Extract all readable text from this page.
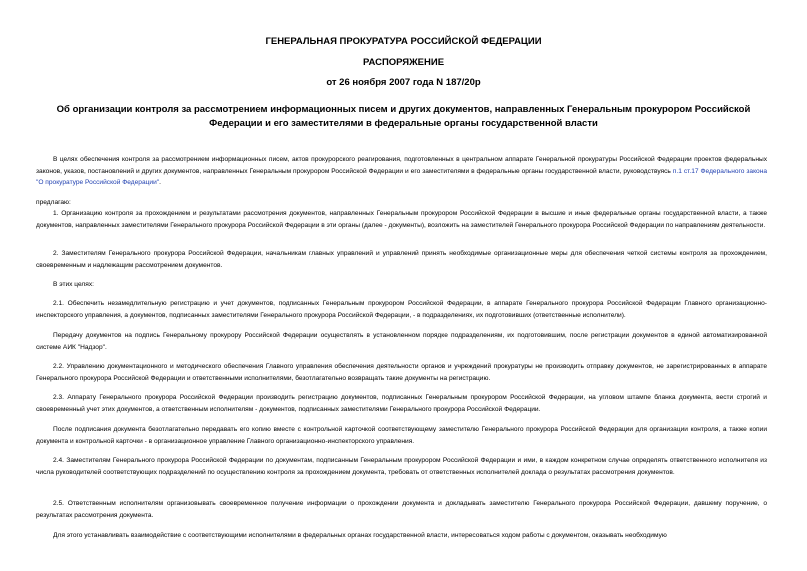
ГЕНЕРАЛЬНАЯ ПРОКУРАТУРА РОССИЙСКОЙ ФЕДЕРАЦИИ
РАСПОРЯЖЕНИЕ
от 26 ноября 2007 года N 187/20р
Об организации контроля за рассмотрением информационных писем и других документов, направленных Генеральным прокурором Российской Федерации и его заместителями в федеральные органы государственной власти

В целях обеспечения контроля за рассмотрением информационных писем, актов прокурорского реагирования, подготовленных в центральном аппарате Генеральной прокуратуры Российской Федерации проектов федеральных законов, указов, постановлений и других документов, направленных Генеральным прокурором Российской Федерации и его заместителями в федеральные органы государственной власти, руководствуясь п.1 ст.17 Федерального закона "О прокуратуре Российской Федерации".

предлагаю:

1. Организацию контроля за прохождением и результатами рассмотрения документов, направленных Генеральным прокурором Российской Федерации в высшие и иные федеральные органы государственной власти, а также документов, направленных заместителями Генерального прокурора Российской Федерации в эти органы (далее - документы), возложить на заместителей Генерального прокурора Российской Федерации по направлениям деятельности.

2. Заместителям Генерального прокурора Российской Федерации, начальникам главных управлений и управлений принять необходимые организационные меры для обеспечения четкой системы контроля за прохождением, своевременным и надлежащим рассмотрением документов.

В этих целях:

2.1. Обеспечить незамедлительную регистрацию и учет документов, подписанных Генеральным прокурором Российской Федерации, в аппарате Генерального прокурора Российской Федерации Главного организационно-инспекторского управления, а документов, подписанных заместителями Генерального прокурора Российской Федерации, - в подразделениях, их подготовивших (ответственные исполнители).

Передачу документов на подпись Генеральному прокурору Российской Федерации осуществлять в установленном порядке подразделениям, их подготовившим, после регистрации документов в единой автоматизированной системе АИК "Надзор".

2.2. Управлению документационного и методического обеспечения Главного управления обеспечения деятельности органов и учреждений прокуратуры не производить отправку документов, не зарегистрированных в аппарате Генерального прокурора Российской Федерации и ответственными исполнителями, безотлагательно возвращать такие документы на регистрацию.

2.3. Аппарату Генерального прокурора Российской Федерации производить регистрацию документов, подписанных Генеральным прокурором Российской Федерации, на угловом штампе бланка документа, вести строгий и своевременный учет этих документов, а ответственным исполнителям - документов, подписанных заместителями Генерального прокурора Российской Федерации.

После подписания документа безотлагательно передавать его копию вместе с контрольной карточкой соответствующему заместителю Генерального прокурора Российской Федерации для организации контроля, а также копии документа и контрольной карточки - в организационное управление Главного организационно-инспекторского управления.

2.4. Заместителям Генерального прокурора Российской Федерации по документам, подписанным Генеральным прокурором Российской Федерации и ими, в каждом конкретном случае определять ответственного исполнителя из числа руководителей соответствующих подразделений по осуществлению контроля за прохождением документа, требовать от ответственных исполнителей доклада о результатах рассмотрения документов.

2.5. Ответственным исполнителям организовывать своевременное получение информации о прохождении документа и докладывать заместителю Генерального прокурора Российской Федерации, давшему поручение, о результатах рассмотрения документа.

Для этого устанавливать взаимодействие с соответствующими исполнителями в федеральных органах государственной власти, интересоваться ходом работы с документом, оказывать необходимую
